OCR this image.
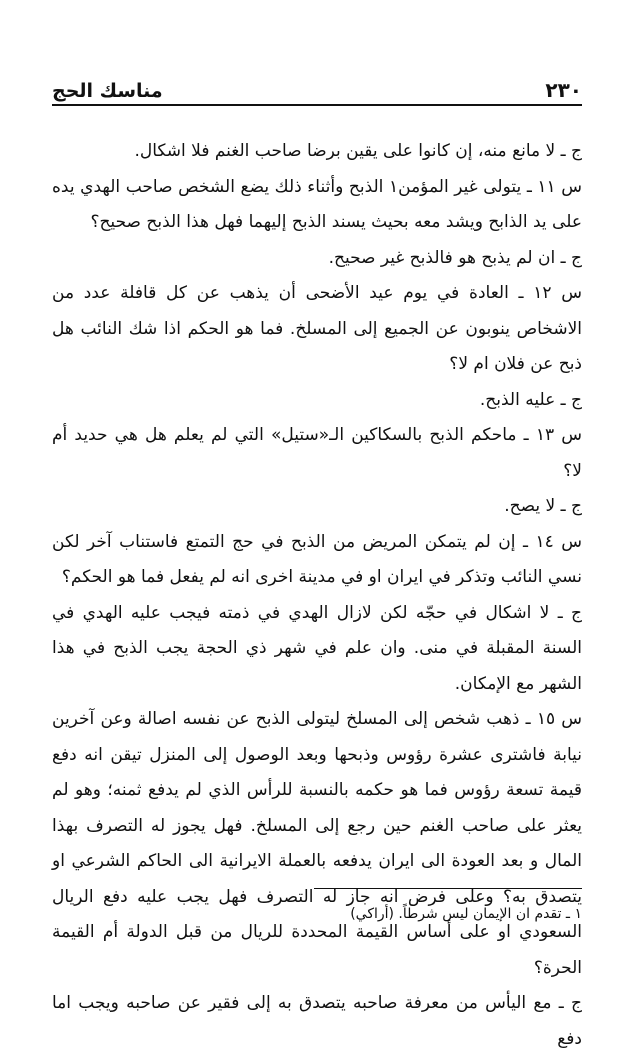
٢٣٠
مناسك الحج

ج ـ لا مانع منه، إن كانوا على يقين برضا صاحب الغنم فلا اشكال.

س ١١ ـ يتولى غير المؤمن١ الذبح وأثناء ذلك يضع الشخص صاحب الهدي يده على يد الذابح ويشد معه بحيث يسند الذبح إليهما فهل هذا الذبح صحيح؟

ج ـ ان لم يذبح هو فالذبح غير صحيح.

س ١٢ ـ العادة في يوم عيد الأضحى أن يذهب عن كل قافلة عدد من الاشخاص ينوبون عن الجميع إلى المسلخ. فما هو الحكم اذا شك النائب هل ذبح عن فلان ام لا؟

ج ـ عليه الذبح.

س ١٣ ـ ماحكم الذبح بالسكاكين الـ«ستيل» التي لم يعلم هل هي حديد أم لا؟

ج ـ لا يصح.

س ١٤ ـ إن لم يتمكن المريض من الذبح في حج التمتع فاستناب آخر لكن نسي النائب وتذكر في ايران او في مدينة اخرى انه لم يفعل فما هو الحكم؟

ج ـ لا اشكال في حجّه لكن لازال الهدي في ذمته فيجب عليه الهدي في السنة المقبلة في منى. وان علم في شهر ذي الحجة يجب الذبح في هذا الشهر مع الإمكان.

س ١٥ ـ ذهب شخص إلى المسلخ ليتولى الذبح عن نفسه اصالة وعن آخرين نيابة فاشترى عشرة رؤوس وذبحها وبعد الوصول إلى المنزل تيقن انه دفع قيمة تسعة رؤوس فما هو حكمه بالنسبة للرأس الذي لم يدفع ثمنه؛ وهو لم يعثر على صاحب الغنم حين رجع إلى المسلخ. فهل يجوز له التصرف بهذا المال و بعد العودة الى ايران يدفعه بالعملة الايرانية الى الحاكم الشرعي او يتصدق به؟ وعلى فرض انه جاز له التصرف فهل يجب عليه دفع الريال السعودي او على أساس القيمة المحددة للريال من قبل الدولة أم القيمة الحرة؟

ج ـ مع اليأس من معرفة صاحبه يتصدق به إلى فقير عن صاحبه ويجب اما دفع

١ ـ تقدم ان الإيمان ليس شرطاً. (أراكي)
